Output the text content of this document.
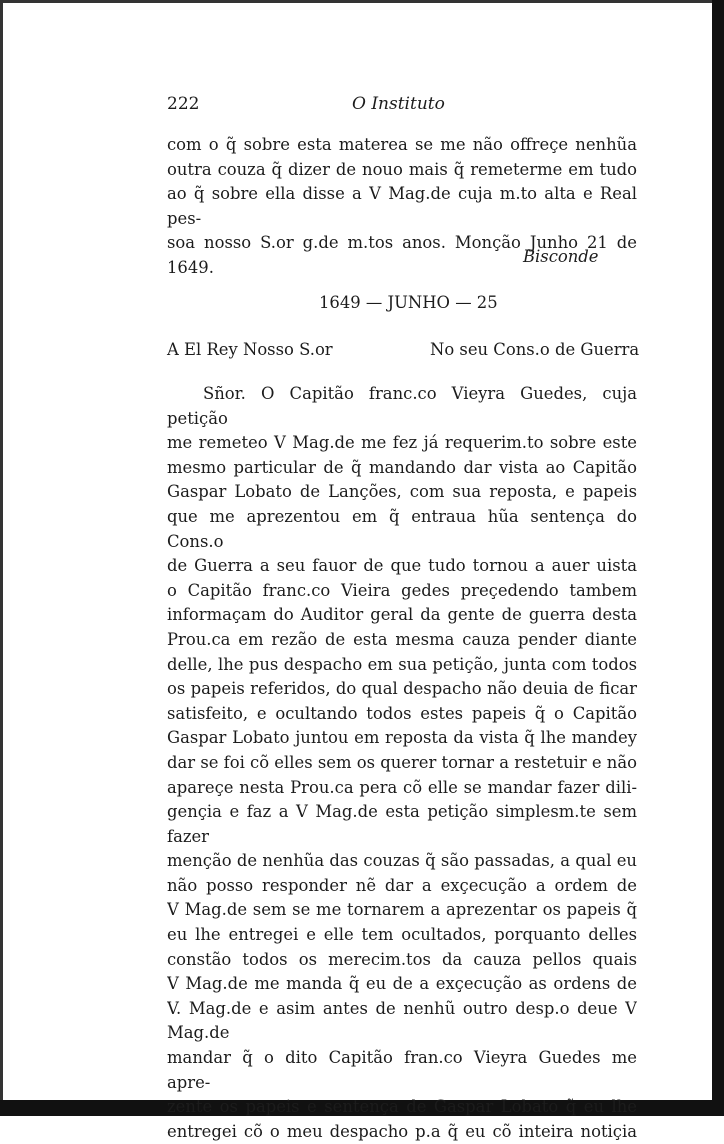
222	O Instituto
com o q̃ sobre esta materea se me não offreçe nenhũa
outra couza q̃ dizer de nouo mais q̃ remeterme em tudo
ao q̃ sobre ella disse a V Mag.de cuja m.to alta e Real pes-
soa nosso S.or g.de m.tos anos. Monção Junho 21 de 1649.
Bisconde
1649 — JUNHO — 25
A El Rey Nosso S.or	No seu Cons.o de Guerra
Sñor. O Capitão franc.co Vieyra Guedes, cuja petição
me remeteo V Mag.de me fez já requerim.to sobre este
mesmo particular de q̃ mandando dar vista ao Capitão
Gaspar Lobato de Lanções, com sua reposta, e papeis
que me aprezentou em q̃ entraua hũa sentença do Cons.o
de Guerra a seu fauor de que tudo tornou a auer uista
o Capitão franc.co Vieira gedes preçedendo tambem
informaçam do Auditor geral da gente de guerra desta
Prou.ca em rezão de esta mesma cauza pender diante
delle, lhe pus despacho em sua petição, junta com todos
os papeis referidos, do qual despacho não deuia de ficar
satisfeito, e ocultando todos estes papeis q̃ o Capitão
Gaspar Lobato juntou em reposta da vista q̃ lhe mandey
dar se foi cõ elles sem os querer tornar a restetuir e não
apareçe nesta Prou.ca pera cõ elle se mandar fazer dili-
gençia e faz a V Mag.de esta petição simplesm.te sem fazer
menção de nenhũa das couzas q̃ são passadas, a qual eu
não posso responder nẽ dar a exçecução a ordem de
V Mag.de sem se me tornarem a aprezentar os papeis q̃
eu lhe entregei e elle tem ocultados, porquanto delles
constão todos os merecim.tos da cauza pellos quais
V Mag.de me manda q̃ eu de a exçecução as ordens de
V. Mag.de e asim antes de nenhũ outro desp.o deue V Mag.de
mandar q̃ o dito Capitão fran.co Vieyra Guedes me apre-
zente os papeis e sentença de Gaspar Lobato q̃ eu lhe
entregei cõ o meu despacho p.a q̃ eu cõ inteira notiçia
